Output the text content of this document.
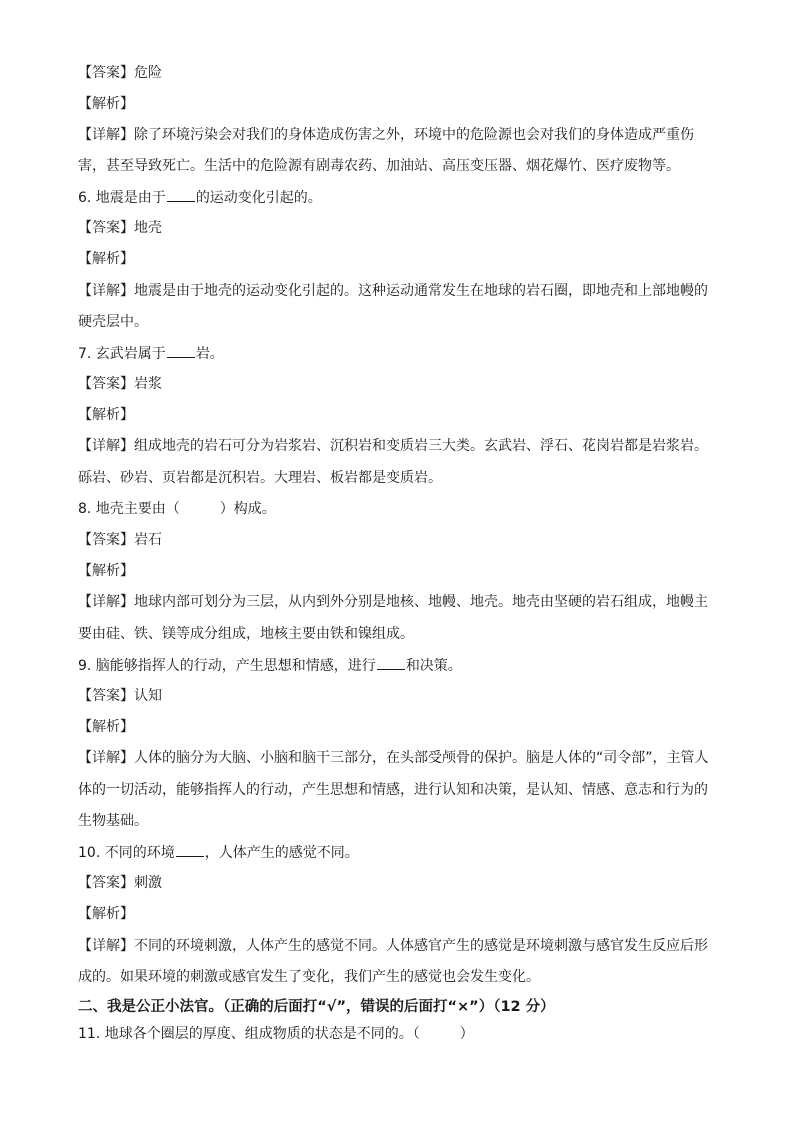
【答案】危险
【解析】
【详解】除了环境污染会对我们的身体造成伤害之外，环境中的危险源也会对我们的身体造成严重伤
害，甚至导致死亡。生活中的危险源有剧毒农药、加油站、高压变压器、烟花爆竹、医疗废物等。
6. 地震是由于 的运动变化引起的。
【答案】地壳
【解析】
【详解】地震是由于地壳的运动变化引起的。这种运动通常发生在地球的岩石圈，即地壳和上部地幔的
硬壳层中。
7. 玄武岩属于 岩。
【答案】岩浆
【解析】
【详解】组成地壳的岩石可分为岩浆岩、沉积岩和变质岩三大类。玄武岩、浮石、花岗岩都是岩浆岩。
砾岩、砂岩、页岩都是沉积岩。大理岩、板岩都是变质岩。
8. 地壳主要由（	）构成。
【答案】岩石
【解析】
【详解】地球内部可划分为三层，从内到外分别是地核、地幔、地壳。地壳由坚硬的岩石组成，地幔主
要由硅、铁、镁等成分组成，地核主要由铁和镍组成。
9. 脑能够指挥人的行动，产生思想和情感，进行 和决策。
【答案】认知
【解析】
【详解】人体的脑分为大脑、小脑和脑干三部分，在头部受颅骨的保护。脑是人体的“司令部”，主管人
体的一切活动，能够指挥人的行动，产生思想和情感，进行认知和决策，是认知、情感、意志和行为的
生物基础。
10. 不同的环境 ，人体产生的感觉不同。
【答案】刺激
【解析】
【详解】不同的环境刺激，人体产生的感觉不同。人体感官产生的感觉是环境刺激与感官发生反应后形
成的。如果环境的刺激或感官发生了变化，我们产生的感觉也会发生变化。
二、我是公正小法官。（正确的后面打“√”，错误的后面打“×”）（12 分）
11. 地球各个圈层的厚度、组成物质的状态是不同的。（	）
